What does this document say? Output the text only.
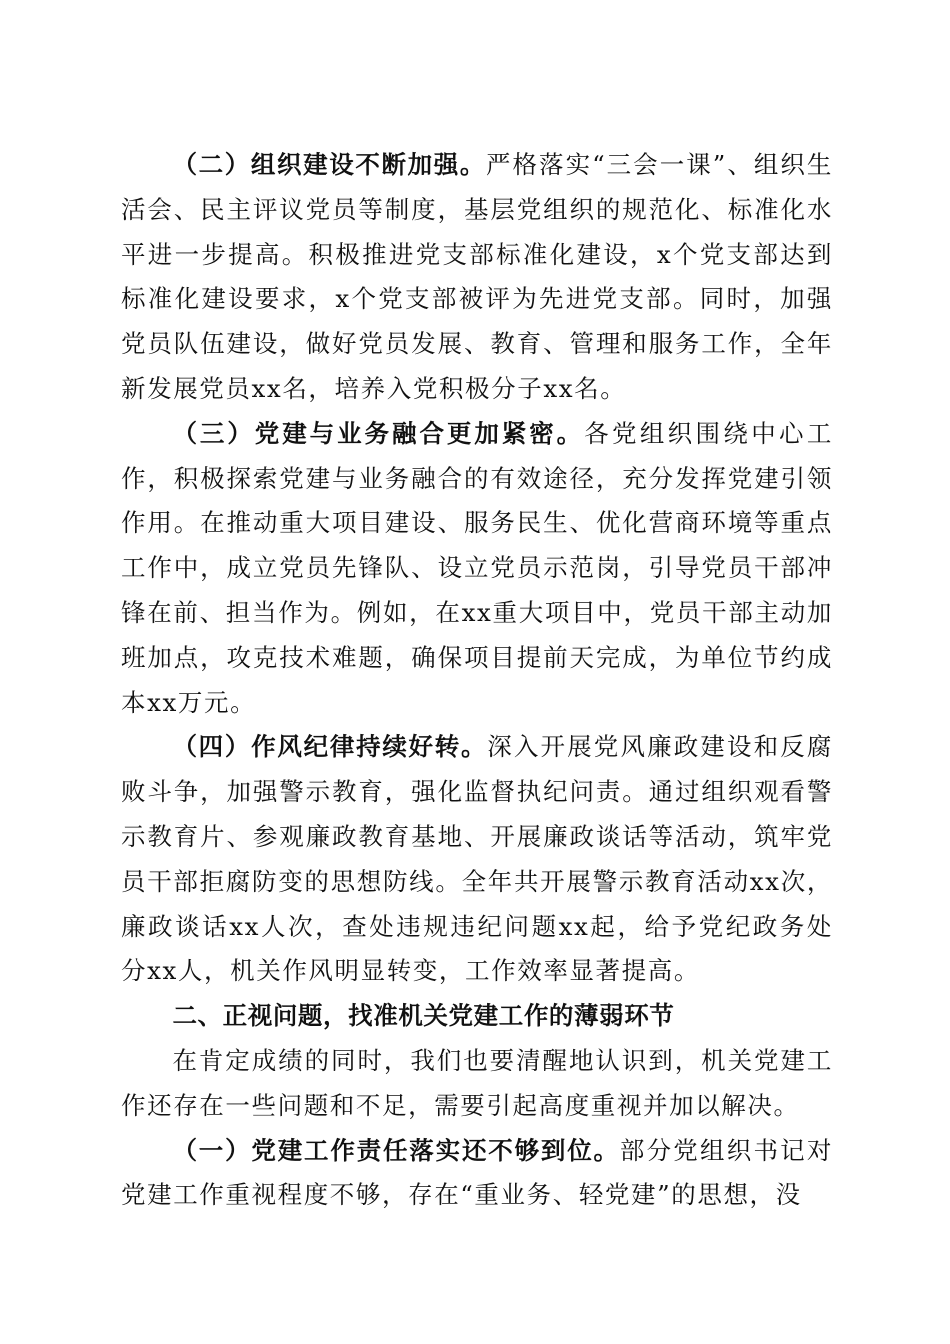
（二）组织建设不断加强。严格落实“三会一课”、组织生活会、民主评议党员等制度，基层党组织的规范化、标准化水平进一步提高。积极推进党支部标准化建设，x个党支部达到标准化建设要求，x个党支部被评为先进党支部。同时，加强党员队伍建设，做好党员发展、教育、管理和服务工作，全年新发展党员xx名，培养入党积极分子xx名。

（三）党建与业务融合更加紧密。各党组织围绕中心工作，积极探索党建与业务融合的有效途径，充分发挥党建引领作用。在推动重大项目建设、服务民生、优化营商环境等重点工作中，成立党员先锋队、设立党员示范岗，引导党员干部冲锋在前、担当作为。例如，在xx重大项目中，党员干部主动加班加点，攻克技术难题，确保项目提前天完成，为单位节约成本xx万元。

（四）作风纪律持续好转。深入开展党风廉政建设和反腐败斗争，加强警示教育，强化监督执纪问责。通过组织观看警示教育片、参观廉政教育基地、开展廉政谈话等活动，筑牢党员干部拒腐防变的思想防线。全年共开展警示教育活动xx次，廉政谈话xx人次，查处违规违纪问题xx起，给予党纪政务处分xx人，机关作风明显转变，工作效率显著提高。

二、正视问题，找准机关党建工作的薄弱环节

在肯定成绩的同时，我们也要清醒地认识到，机关党建工作还存在一些问题和不足，需要引起高度重视并加以解决。

（一）党建工作责任落实还不够到位。部分党组织书记对党建工作重视程度不够，存在“重业务、轻党建”的思想，没
